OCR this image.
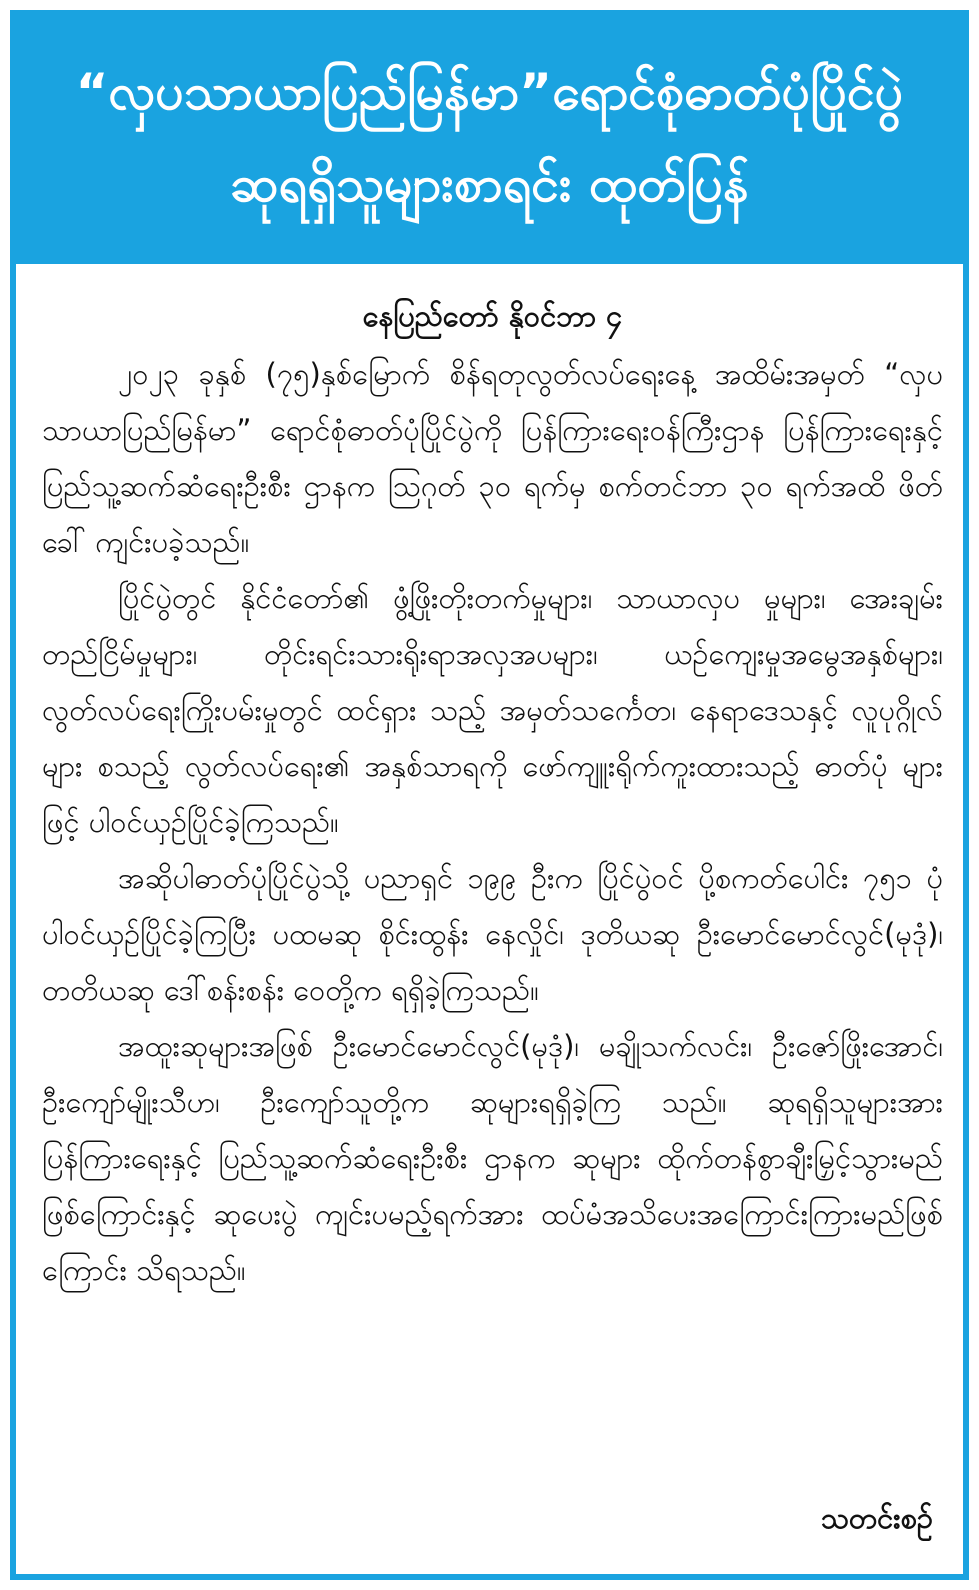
“လှပသာယာပြည်မြန်မာ”ရောင်စုံဓာတ်ပုံပြိုင်ပွဲ

ဆုရရှိသူများစာရင်း ထုတ်ပြန်

နေပြည်တော် နိုဝင်ဘာ ၄

၂၀၂၃ ခုနှစ် (၇၅)နှစ်မြောက် စိန်ရတုလွတ်လပ်ရေးနေ့ အထိမ်းအမှတ် “လှပသာယာပြည်မြန်မာ” ရောင်စုံဓာတ်ပုံပြိုင်ပွဲကို ပြန်ကြားရေးဝန်ကြီးဌာန ပြန်ကြားရေးနှင့် ပြည်သူ့ဆက်ဆံရေးဦးစီး ဌာနက ဩဂုတ် ၃၀ ရက်မှ စက်တင်ဘာ ၃၀ ရက်အထိ ဖိတ်ခေါ် ကျင်းပခဲ့သည်။

ပြိုင်ပွဲတွင် နိုင်ငံတော်၏ ဖွံ့ဖြိုးတိုးတက်မှုများ၊ သာယာလှပ မှုများ၊ အေးချမ်းတည်ငြိမ်မှုများ၊ တိုင်းရင်းသားရိုးရာအလှအပများ၊ ယဉ်ကျေးမှုအမွေအနှစ်များ၊ လွတ်လပ်ရေးကြိုးပမ်းမှုတွင် ထင်ရှား သည့် အမှတ်သင်္ကေတ၊ နေရာဒေသနှင့် လူပုဂ္ဂိုလ်များ စသည့် လွတ်လပ်ရေး၏ အနှစ်သာရကို ဖော်ကျူးရိုက်ကူးထားသည့် ဓာတ်ပုံ များဖြင့် ပါဝင်ယှဉ်ပြိုင်ခဲ့ကြသည်။

အဆိုပါဓာတ်ပုံပြိုင်ပွဲသို့ ပညာရှင် ၁၉၉ ဦးက ပြိုင်ပွဲဝင် ပို့စကတ်ပေါင်း ၇၅၁ ပုံ ပါဝင်ယှဉ်ပြိုင်ခဲ့ကြပြီး ပထမဆု စိုင်းထွန်း နေလှိုင်၊ ဒုတိယဆု ဦးမောင်မောင်လွင်(မုဒုံ)၊ တတိယဆု ဒေါ်စန်းစန်း ဝေတို့က ရရှိခဲ့ကြသည်။

အထူးဆုများအဖြစ် ဦးမောင်မောင်လွင်(မုဒုံ)၊ မချိုသက်လင်း၊ ဦးဇော်ဖြိုးအောင်၊ ဦးကျော်မျိုးသီဟ၊ ဦးကျော်သူတို့က ဆုများရရှိခဲ့ကြ သည်။ ဆုရရှိသူများအား ပြန်ကြားရေးနှင့် ပြည်သူ့ဆက်ဆံရေးဦးစီး ဌာနက ဆုများ ထိုက်တန်စွာချီးမြှင့်သွားမည်ဖြစ်ကြောင်းနှင့် ဆုပေးပွဲ ကျင်းပမည့်ရက်အား ထပ်မံအသိပေးအကြောင်းကြားမည်ဖြစ် ကြောင်း သိရသည်။

သတင်းစဉ်
